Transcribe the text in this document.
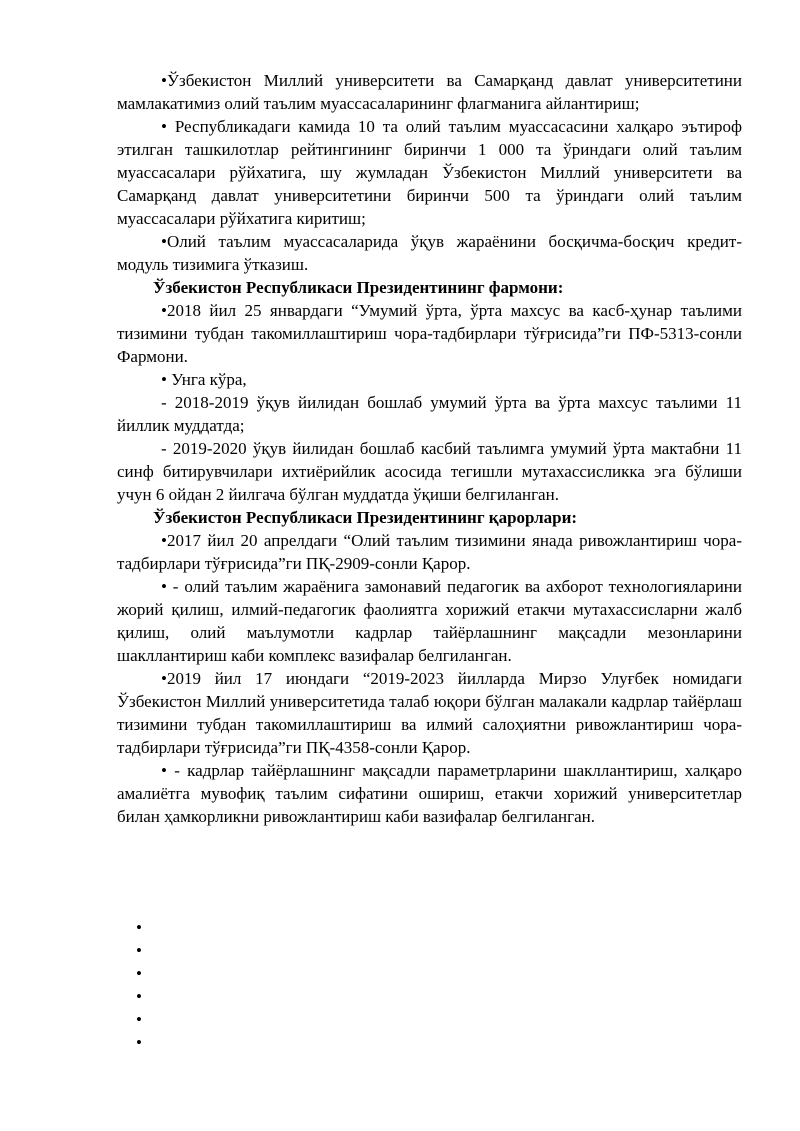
•Ўзбекистон Миллий университети ва Самарқанд давлат университетини мамлакатимиз олий таълим муассасаларининг флагманига айлантириш;

• Республикадаги камида 10 та олий таълим муассасасини халқаро эътироф этилган ташкилотлар рейтингининг биринчи 1 000 та ўриндаги олий таълим муассасалари рўйхатига, шу жумладан Ўзбекистон Миллий университети ва Самарқанд давлат университетини биринчи 500 та ўриндаги олий таълим муассасалари рўйхатига киритиш;

•Олий таълим муассасаларида ўқув жараёнини босқичма-босқич кредит-модуль тизимига ўтказиш.

Ўзбекистон Республикаси Президентининг фармони:

•2018 йил 25 январдаги “Умумий ўрта, ўрта махсус ва касб-ҳунар таълими тизимини тубдан такомиллаштириш чора-тадбирлари тўғрисида”ги ПФ-5313-сонли Фармони.

• Унга кўра,

- 2018-2019 ўқув йилидан бошлаб умумий ўрта ва ўрта махсус таълими 11 йиллик муддатда;

- 2019-2020 ўқув йилидан бошлаб касбий таълимга умумий ўрта мактабни 11 синф битирувчилари ихтиёрийлик асосида тегишли мутахассисликка эга бўлиши учун 6 ойдан 2 йилгача бўлган муддатда ўқиши белгиланган.

Ўзбекистон Республикаси Президентининг қарорлари:

•2017 йил 20 апрелдаги “Олий таълим тизимини янада ривожлантириш чора-тадбирлари тўғрисида”ги ПҚ-2909-сонли Қарор.

• - олий таълим жараёнига замонавий педагогик ва ахборот технологияларини жорий қилиш, илмий-педагогик фаолиятга хорижий етакчи мутахассисларни жалб қилиш, олий маълумотли кадрлар тайёрлашнинг мақсадли мезонларини шакллантириш каби комплекс вазифалар белгиланган.

•2019 йил 17 июндаги “2019-2023 йилларда Мирзо Улуғбек номидаги Ўзбекистон Миллий университетида талаб юқори бўлган малакали кадрлар тайёрлаш тизимини тубдан такомиллаштириш ва илмий салоҳиятни ривожлантириш чора-тадбирлари тўғрисида”ги ПҚ-4358-сонли Қарор.

• - кадрлар тайёрлашнинг мақсадли параметрларини шакллантириш, халқаро амалиётга мувофиқ таълим сифатини ошириш, етакчи хорижий университетлар билан ҳамкорликни ривожлантириш каби вазифалар белгиланган.

•
•
•
•
•
•
